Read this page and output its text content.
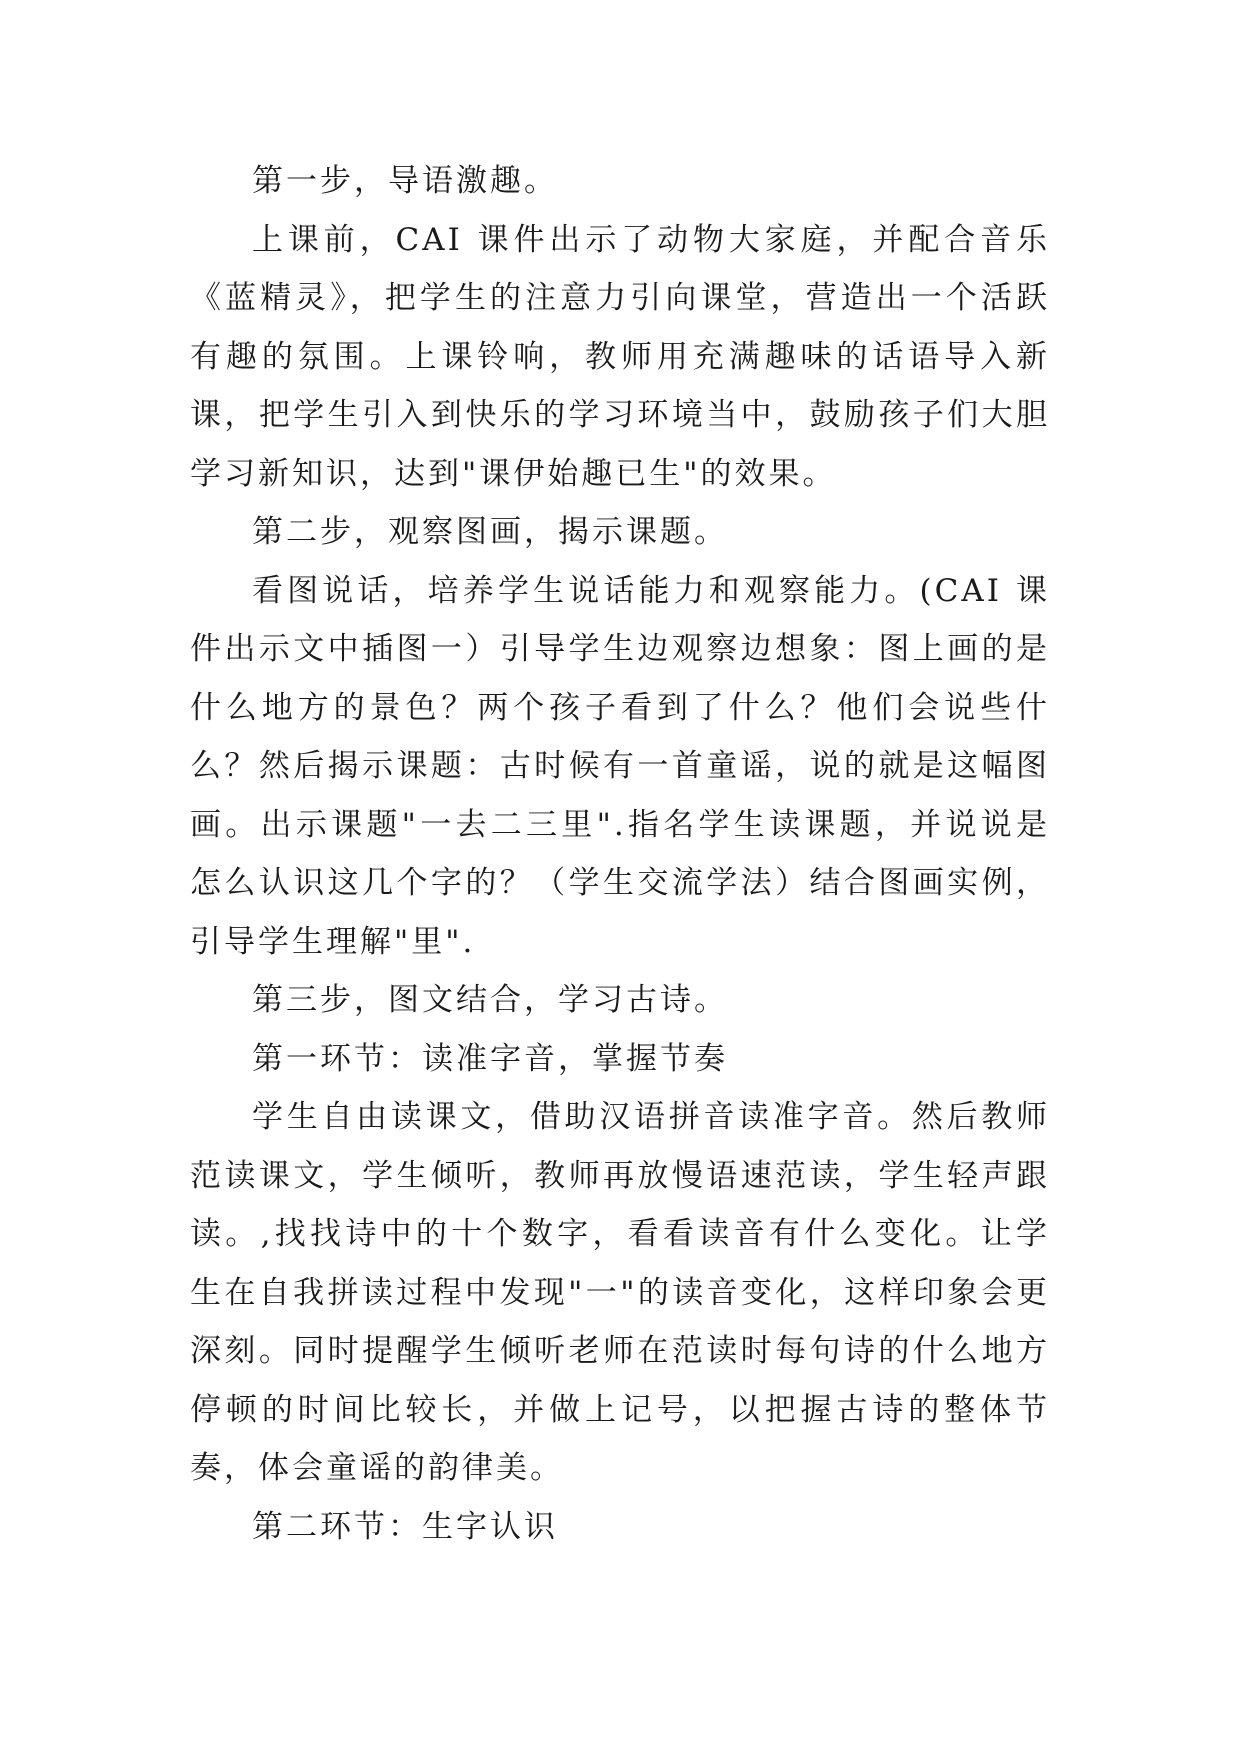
第一步，导语激趣。

上课前，CAI 课件出示了动物大家庭，并配合音乐《蓝精灵》，把学生的注意力引向课堂，营造出一个活跃有趣的氛围。上课铃响，教师用充满趣味的话语导入新课，把学生引入到快乐的学习环境当中，鼓励孩子们大胆学习新知识，达到"课伊始趣已生"的效果。

第二步，观察图画，揭示课题。

看图说话，培养学生说话能力和观察能力。(CAI 课件出示文中插图一）引导学生边观察边想象：图上画的是什么地方的景色？两个孩子看到了什么？他们会说些什么？然后揭示课题：古时候有一首童谣，说的就是这幅图画。出示课题"一去二三里".指名学生读课题，并说说是怎么认识这几个字的？（学生交流学法）结合图画实例，引导学生理解"里".

第三步，图文结合，学习古诗。

第一环节：读准字音，掌握节奏

学生自由读课文，借助汉语拼音读准字音。然后教师范读课文，学生倾听，教师再放慢语速范读，学生轻声跟读。,找找诗中的十个数字，看看读音有什么变化。让学生在自我拼读过程中发现"一"的读音变化，这样印象会更深刻。同时提醒学生倾听老师在范读时每句诗的什么地方停顿的时间比较长，并做上记号，以把握古诗的整体节奏，体会童谣的韵律美。

第二环节：生字认识
